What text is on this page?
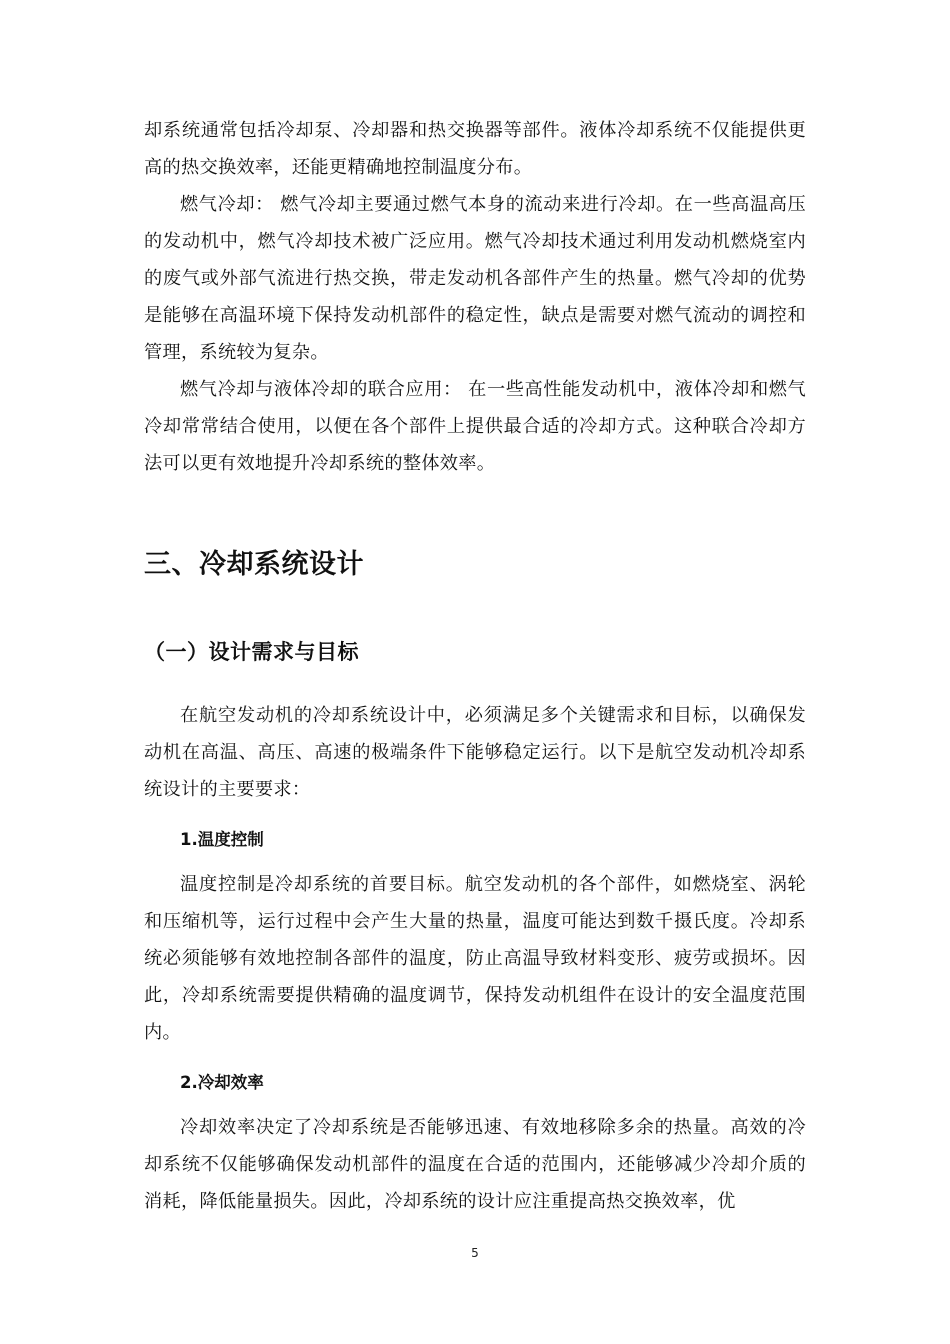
却系统通常包括冷却泵、冷却器和热交换器等部件。液体冷却系统不仅能提供更高的热交换效率，还能更精确地控制温度分布。

燃气冷却： 燃气冷却主要通过燃气本身的流动来进行冷却。在一些高温高压的发动机中，燃气冷却技术被广泛应用。燃气冷却技术通过利用发动机燃烧室内的废气或外部气流进行热交换，带走发动机各部件产生的热量。燃气冷却的优势是能够在高温环境下保持发动机部件的稳定性，缺点是需要对燃气流动的调控和管理，系统较为复杂。

燃气冷却与液体冷却的联合应用： 在一些高性能发动机中，液体冷却和燃气冷却常常结合使用，以便在各个部件上提供最合适的冷却方式。这种联合冷却方法可以更有效地提升冷却系统的整体效率。

三、冷却系统设计
（一）设计需求与目标

在航空发动机的冷却系统设计中，必须满足多个关键需求和目标，以确保发动机在高温、高压、高速的极端条件下能够稳定运行。以下是航空发动机冷却系统设计的主要要求：

1.温度控制

温度控制是冷却系统的首要目标。航空发动机的各个部件，如燃烧室、涡轮和压缩机等，运行过程中会产生大量的热量，温度可能达到数千摄氏度。冷却系统必须能够有效地控制各部件的温度，防止高温导致材料变形、疲劳或损坏。因此，冷却系统需要提供精确的温度调节，保持发动机组件在设计的安全温度范围内。

2.冷却效率

冷却效率决定了冷却系统是否能够迅速、有效地移除多余的热量。高效的冷却系统不仅能够确保发动机部件的温度在合适的范围内，还能够减少冷却介质的消耗，降低能量损失。因此，冷却系统的设计应注重提高热交换效率，优

5
